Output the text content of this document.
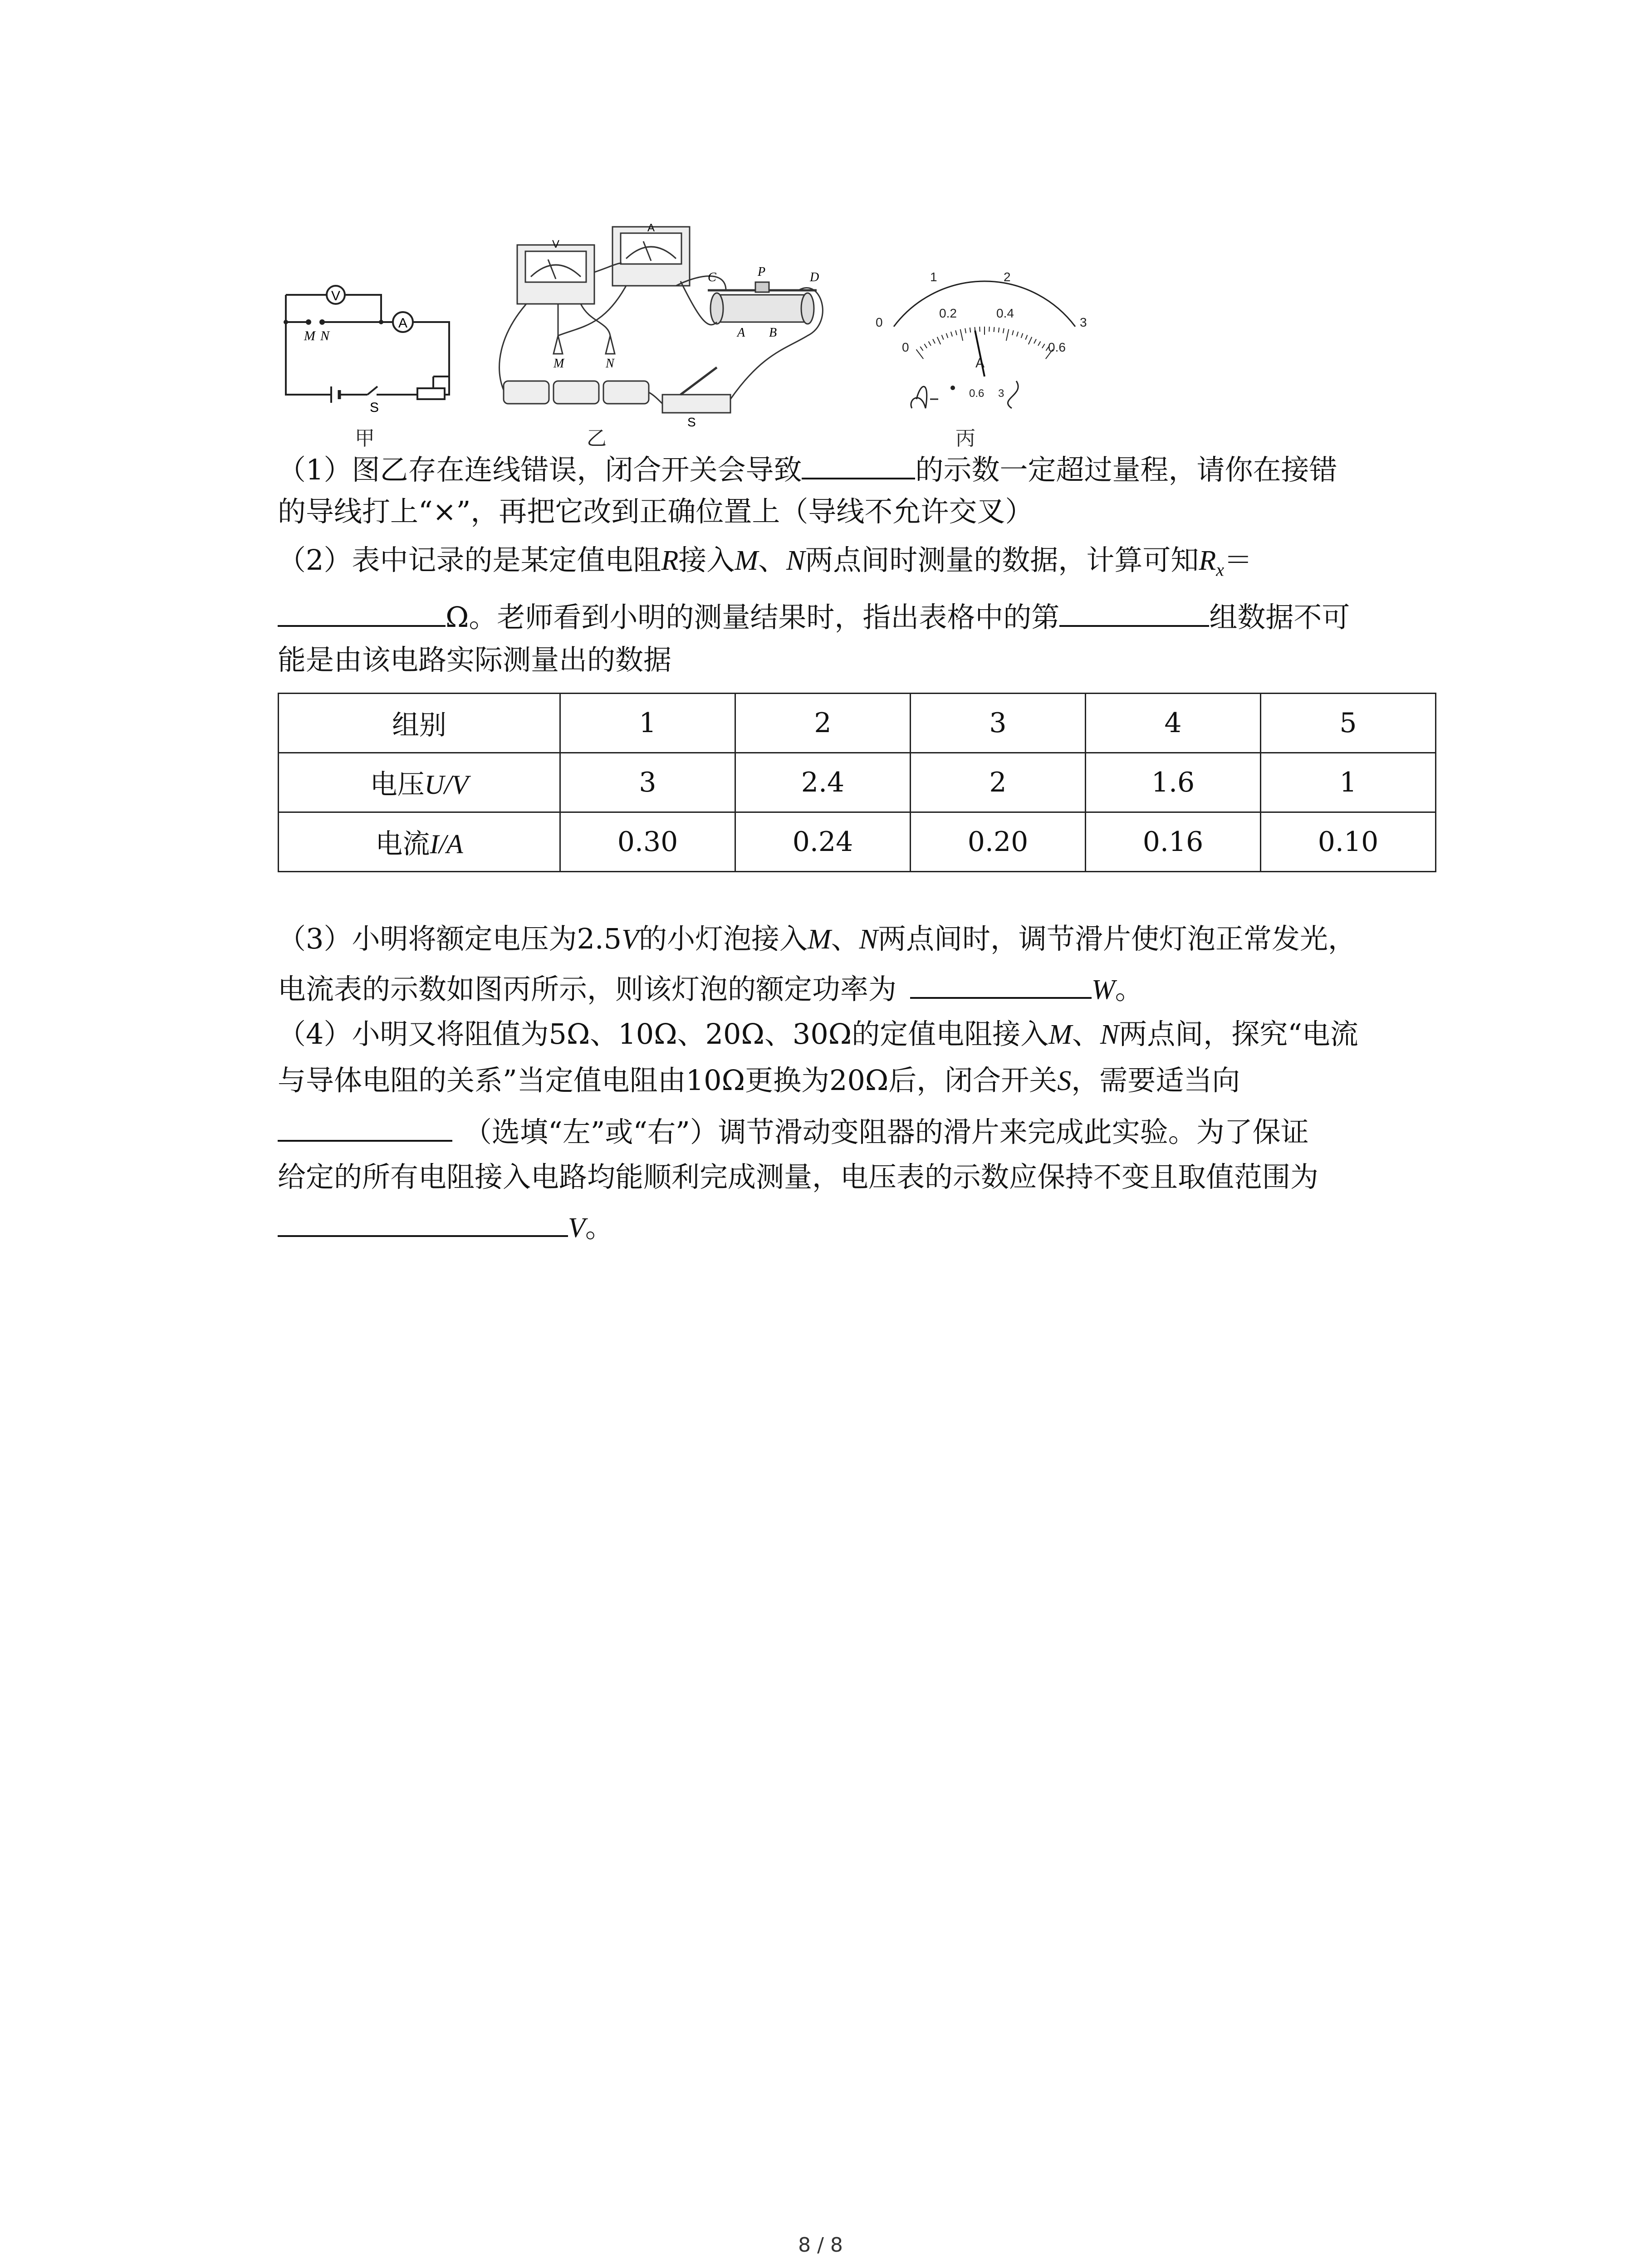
V
A
M N
S
甲
V
A
C	P	D
A B
M	N
S
乙
0
1	2
3
0
0.2	0.4
0.6
A
0.6 3
丙
（1）图乙存在连线错误，闭合开关会导致	的示数一定超过量程，请你在接错
的导线打上“×”，再把它改到正确位置上（导线不允许交叉）
（2）表中记录的是某定值电阻R接入M、N两点间时测量的数据，计算可知$R_x=$
Ω。老师看到小明的测量结果时，指出表格中的第	组数据不可
能是由该电路实际测量出的数据
组别	1	2	3	4	5
电压U/V	3	2.4	2	1.6	1
电流I/A	0.30	0.24	0.20	0.16	0.10
（3）小明将额定电压为2.5V的小灯泡接入M、N两点间时，调节滑片使灯泡正常发光，
电流表的示数如图丙所示，则该灯泡的额定功率为	W。
（4）小明又将阻值为5Ω、10Ω、20Ω、30Ω的定值电阻接入M、N两点间，探究“电流
与导体电阻的关系”当定值电阻由10Ω更换为20Ω后，闭合开关S，需要适当向
（选填“左”或“右”）调节滑动变阻器的滑片来完成此实验。为了保证
给定的所有电阻接入电路均能顺利完成测量，电压表的示数应保持不变且取值范围为
V。
8 / 8
